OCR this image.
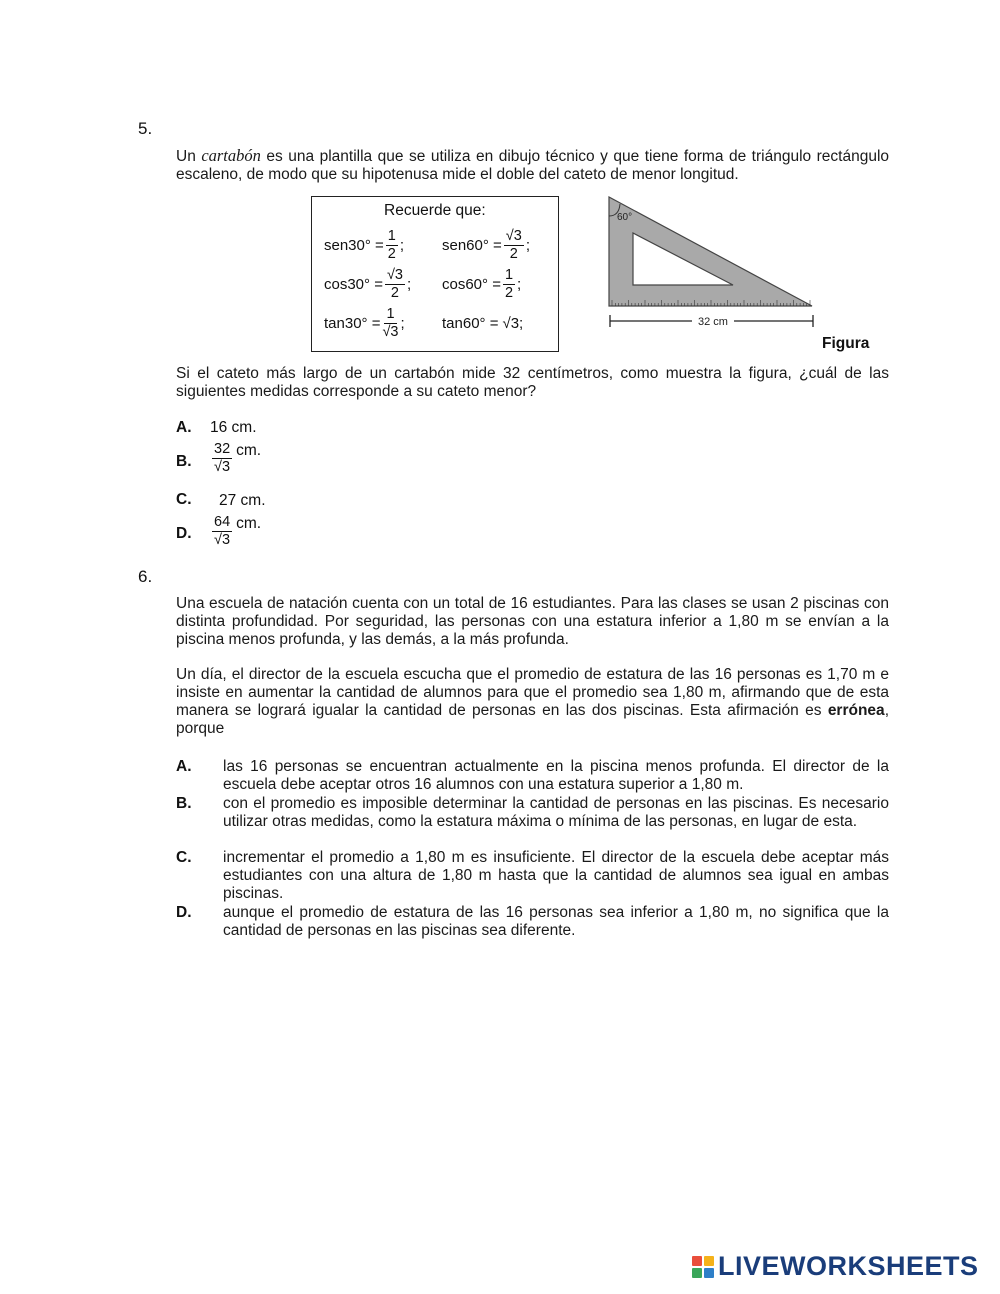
5.
Un cartabón es una plantilla que se utiliza en dibujo técnico y que tiene forma de triángulo rectángulo escaleno, de modo que su hipotenusa mide el doble del cateto de menor longitud.
Recuerde que:
$sen30^\circ = \frac{1}{2}$ ;	$sen60^\circ = \frac{√3}{2}$ ;
$\cos 30^\circ = \frac{√3}{2}$ ; $\cos 60^\circ = \frac{1}{2}$ ;
$\tan 30^\circ = \frac{1}{√3}$ ; tan60° = √3 ;
60°
32 cm
Figura
Si el cateto más largo de un cartabón mide 32 centímetros, como muestra la figura, ¿cuál de las siguientes medidas corresponde a su cateto menor?
A. 16 cm.
B. $\frac{32}{√3}$ cm.
C. 27 cm.
D. $\frac{64}{√3}$ cm.
6.
Una escuela de natación cuenta con un total de 16 estudiantes. Para las clases se usan 2 piscinas con distinta profundidad. Por seguridad, las personas con una estatura inferior a 1,80 m se envían a la piscina menos profunda, y las demás, a la más profunda.
Un día, el director de la escuela escucha que el promedio de estatura de las 16 personas es 1,70 m e insiste en aumentar la cantidad de alumnos para que el promedio sea 1,80 m, afirmando que de esta manera se logrará igualar la cantidad de personas en las dos piscinas. Esta afirmación es errónea, porque
A. las 16 personas se encuentran actualmente en la piscina menos profunda. El director de la escuela debe aceptar otros 16 alumnos con una estatura superior a 1,80 m.
B. con el promedio es imposible determinar la cantidad de personas en las piscinas. Es necesario utilizar otras medidas, como la estatura máxima o mínima de las personas, en lugar de esta.
C. incrementar el promedio a 1,80 m es insuficiente. El director de la escuela debe aceptar más estudiantes con una altura de 1,80 m hasta que la cantidad de alumnos sea igual en ambas piscinas.
D. aunque el promedio de estatura de las 16 personas sea inferior a 1,80 m, no significa que la cantidad de personas en las piscinas sea diferente.
LIVEWORKSHEETS
